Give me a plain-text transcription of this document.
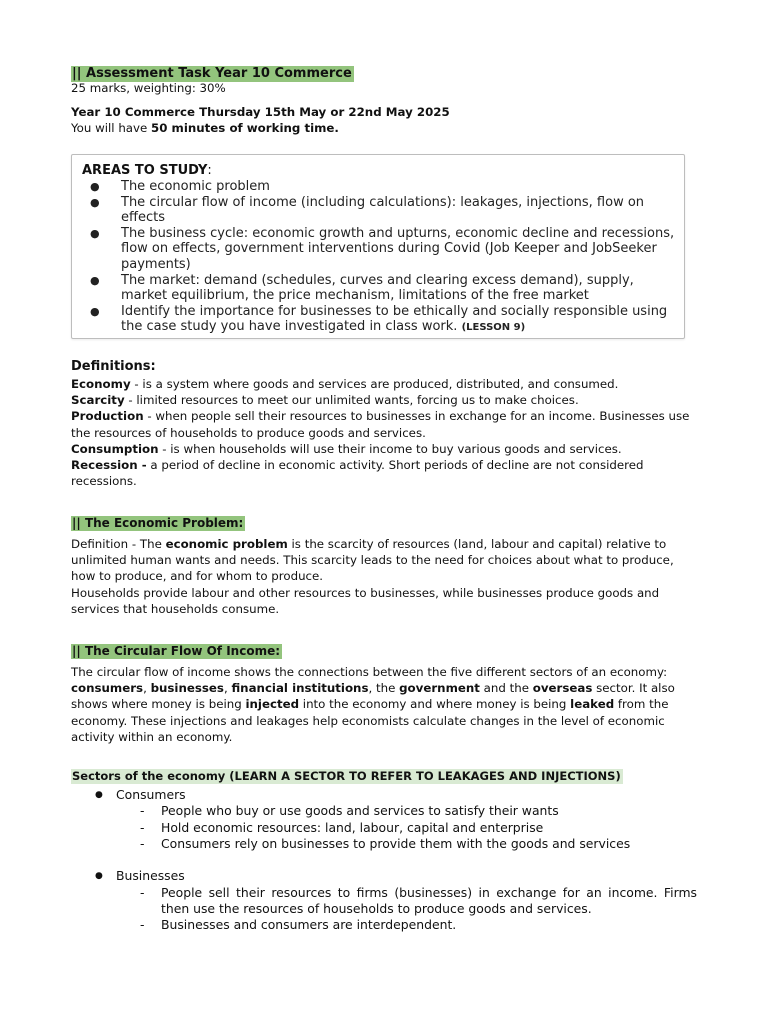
|| Assessment Task Year 10 Commerce
25 marks, weighting: 30%
Year 10 Commerce Thursday 15th May or 22nd May 2025
You will have 50 minutes of working time.
AREAS TO STUDY:
● The economic problem
● The circular flow of income (including calculations): leakages, injections, flow on effects
● The business cycle: economic growth and upturns, economic decline and recessions, flow on effects, government interventions during Covid (Job Keeper and JobSeeker payments)
● The market: demand (schedules, curves and clearing excess demand), supply, market equilibrium, the price mechanism, limitations of the free market
● Identify the importance for businesses to be ethically and socially responsible using the case study you have investigated in class work. (LESSON 9)
Definitions:
Economy - is a system where goods and services are produced, distributed, and consumed.
Scarcity - limited resources to meet our unlimited wants, forcing us to make choices.
Production - when people sell their resources to businesses in exchange for an income. Businesses use the resources of households to produce goods and services.
Consumption - is when households will use their income to buy various goods and services.
Recession - a period of decline in economic activity. Short periods of decline are not considered recessions.
|| The Economic Problem:
Definition - The economic problem is the scarcity of resources (land, labour and capital) relative to unlimited human wants and needs. This scarcity leads to the need for choices about what to produce, how to produce, and for whom to produce.
Households provide labour and other resources to businesses, while businesses produce goods and services that households consume.
|| The Circular Flow Of Income:
The circular flow of income shows the connections between the five different sectors of an economy: consumers, businesses, financial institutions, the government and the overseas sector. It also shows where money is being injected into the economy and where money is being leaked from the economy. These injections and leakages help economists calculate changes in the level of economic activity within an economy.
Sectors of the economy (LEARN A SECTOR TO REFER TO LEAKAGES AND INJECTIONS)
● Consumers
- People who buy or use goods and services to satisfy their wants
- Hold economic resources: land, labour, capital and enterprise
- Consumers rely on businesses to provide them with the goods and services
● Businesses
- People sell their resources to firms (businesses) in exchange for an income. Firms then use the resources of households to produce goods and services.
- Businesses and consumers are interdependent.
